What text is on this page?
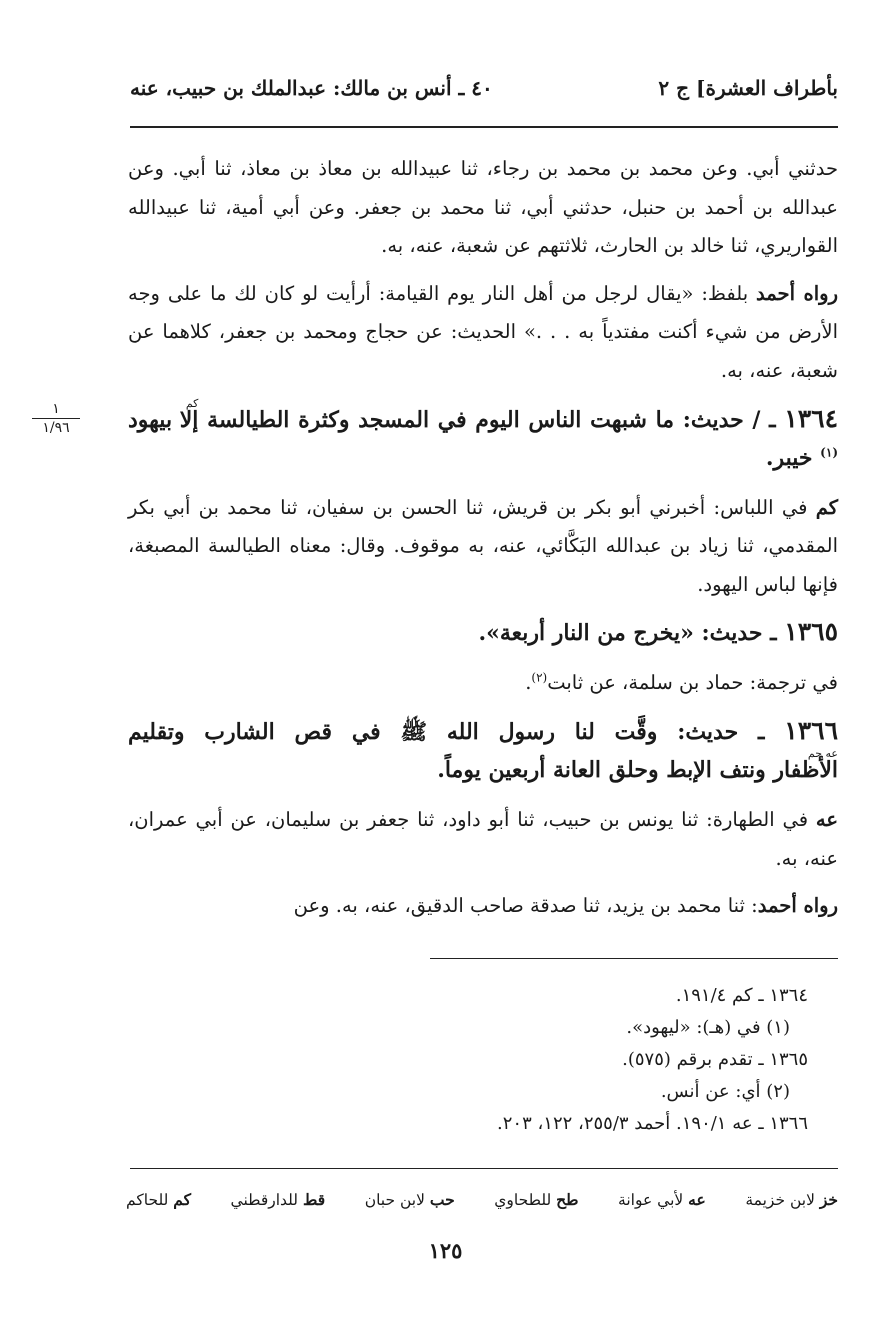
بأطراف العشرة] ج ٢
٤٠ ـ أنس بن مالك: عبدالملك بن حبيب، عنه
١
١/٩٦

حدثني أبي. وعن محمد بن محمد بن رجاء، ثنا عبيدالله بن معاذ بن معاذ، ثنا أبي. وعن عبدالله بن أحمد بن حنبل، حدثني أبي، ثنا محمد بن جعفر. وعن أبي أمية، ثنا عبيدالله القواريري، ثنا خالد بن الحارث، ثلاثتهم عن شعبة، عنه، به.

رواه أحمد بلفظ: «يقال لرجل من أهل النار يوم القيامة: أرأيت لو كان لك ما على وجه الأرض من شيء أكنت مفتدياً به . . .» الحديث: عن حجاج ومحمد بن جعفر، كلاهما عن شعبة، عنه، به.

١٣٦٤ ـ / حديث: ما شبهت الناس اليوم في المسجد وكثرة الطيالسة
كم
إلا بيهود$^{(١)}$ خيبر.

كم في اللباس: أخبرني أبو بكر بن قريش، ثنا الحسن بن سفيان، ثنا محمد بن أبي بكر المقدمي، ثنا زياد بن عبدالله البَكَّائي، عنه، به موقوف. وقال: معناه الطيالسة المصبغة، فإنها لباس اليهود.

١٣٦٥ ـ حديث: «يخرج من النار أربعة».

في ترجمة: حماد بن سلمة، عن ثابت$^{(٢)}$.

١٣٦٦ ـ حديث: وقَّت لنا رسول الله ﷺ في قص الشارب وتقليم
عه حم
الأظفار ونتف الإبط وحلق العانة أربعين يوماً.

عه في الطهارة: ثنا يونس بن حبيب، ثنا أبو داود، ثنا جعفر بن سليمان، عن أبي عمران، عنه، به.

رواه أحمد: ثنا محمد بن يزيد، ثنا صدقة صاحب الدقيق، عنه، به. وعن

١٣٦٤ ـ كم ١٩١/٤.
(١) في (هـ): «ليهود».
١٣٦٥ ـ تقدم برقم (٥٧٥).
(٢) أي: عن أنس.
١٣٦٦ ـ عه ١٩٠/١. أحمد ٢٥٥/٣، ١٢٢، ٢٠٣.
خز لابن خزيمة
عه لأبي عوانة
طح للطحاوي
حب لابن حبان
قط للدارقطني
كم للحاكم
١٢٥
